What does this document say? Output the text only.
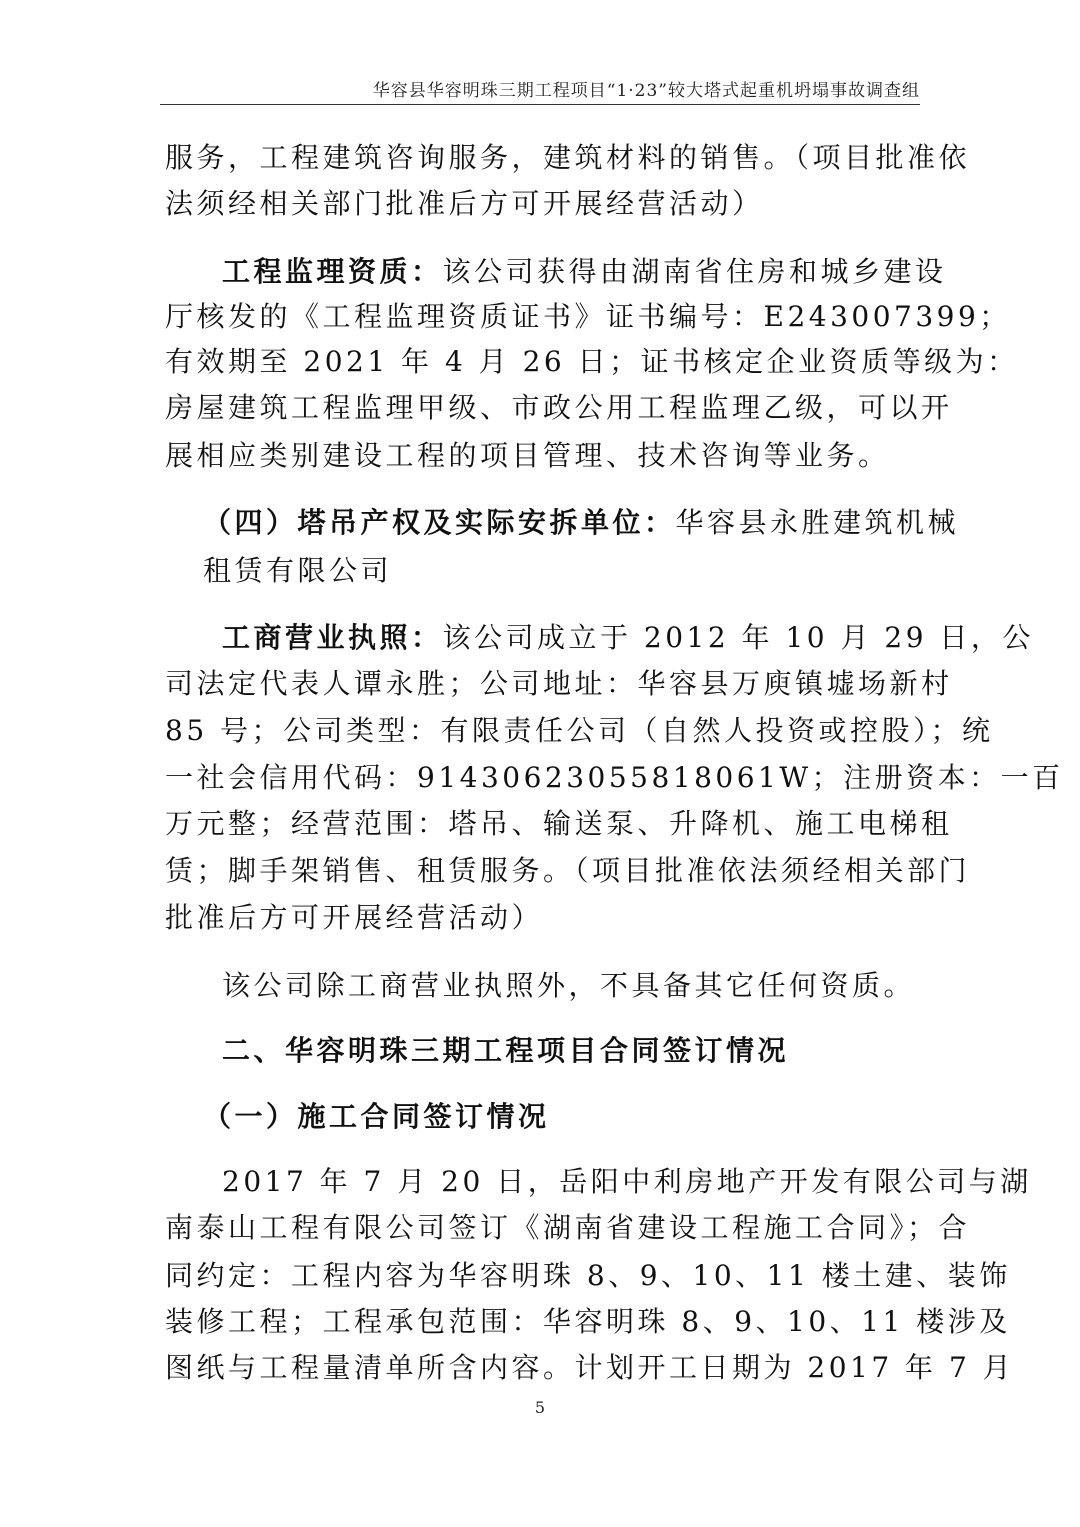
华容县华容明珠三期工程项目“1·23”较大塔式起重机坍塌事故调查组
服务，工程建筑咨询服务，建筑材料的销售。（项目批准依
法须经相关部门批准后方可开展经营活动）
工程监理资质：该公司获得由湖南省住房和城乡建设
厅核发的《工程监理资质证书》证书编号：E243007399；
有效期至 2021 年 4 月 26 日；证书核定企业资质等级为：
房屋建筑工程监理甲级、市政公用工程监理乙级，可以开
展相应类别建设工程的项目管理、技术咨询等业务。
（四）塔吊产权及实际安拆单位：华容县永胜建筑机械
租赁有限公司
工商营业执照：该公司成立于 2012 年 10 月 29 日，公
司法定代表人谭永胜；公司地址：华容县万庾镇墟场新村
85 号；公司类型：有限责任公司（自然人投资或控股）；统
一社会信用代码：91430623055818061W；注册资本：一百
万元整；经营范围：塔吊、输送泵、升降机、施工电梯租
赁；脚手架销售、租赁服务。（项目批准依法须经相关部门
批准后方可开展经营活动）
该公司除工商营业执照外，不具备其它任何资质。
二、华容明珠三期工程项目合同签订情况
（一）施工合同签订情况
2017 年 7 月 20 日，岳阳中利房地产开发有限公司与湖
南泰山工程有限公司签订《湖南省建设工程施工合同》；合
同约定：工程内容为华容明珠 8、9、10、11 楼土建、装饰
装修工程；工程承包范围：华容明珠 8、9、10、11 楼涉及
图纸与工程量清单所含内容。计划开工日期为 2017 年 7 月
5
